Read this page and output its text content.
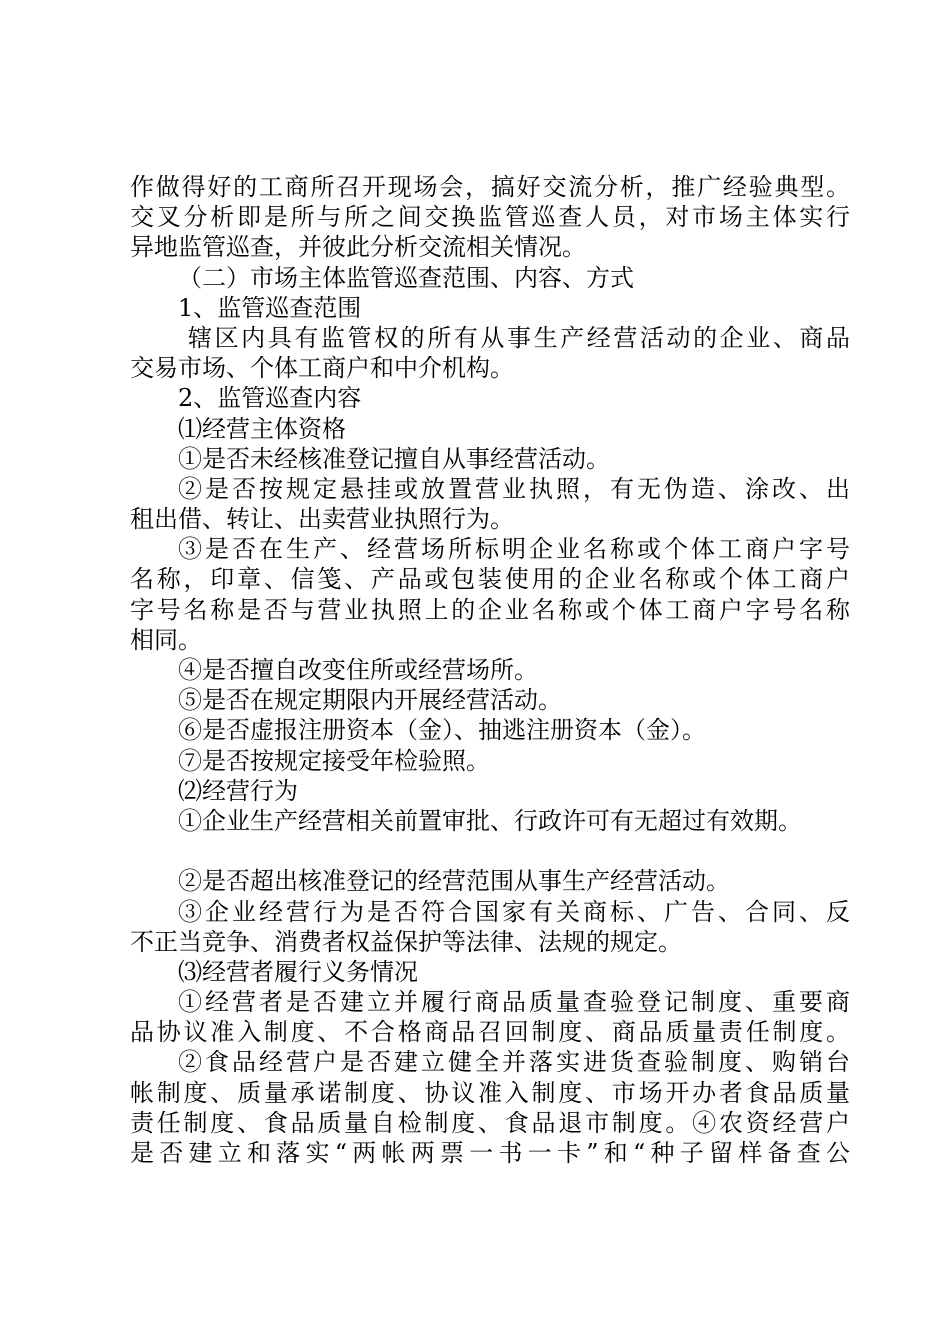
作做得好的工商所召开现场会，搞好交流分析，推广经验典型。
交叉分析即是所与所之间交换监管巡查人员，对市场主体实行
异地监管巡查，并彼此分析交流相关情况。
（二）市场主体监管巡查范围、内容、方式
1、监管巡查范围
辖区内具有监管权的所有从事生产经营活动的企业、商品
交易市场、个体工商户和中介机构。
2、监管巡查内容
⑴经营主体资格
①是否未经核准登记擅自从事经营活动。
②是否按规定悬挂或放置营业执照，有无伪造、涂改、出
租出借、转让、出卖营业执照行为。
③是否在生产、经营场所标明企业名称或个体工商户字号
名称，印章、信笺、产品或包装使用的企业名称或个体工商户
字号名称是否与营业执照上的企业名称或个体工商户字号名称
相同。
④是否擅自改变住所或经营场所。
⑤是否在规定期限内开展经营活动。
⑥是否虚报注册资本（金）、抽逃注册资本（金）。
⑦是否按规定接受年检验照。
⑵经营行为
①企业生产经营相关前置审批、行政许可有无超过有效期。
②是否超出核准登记的经营范围从事生产经营活动。
③企业经营行为是否符合国家有关商标、广告、合同、反
不正当竞争、消费者权益保护等法律、法规的规定。
⑶经营者履行义务情况
①经营者是否建立并履行商品质量查验登记制度、重要商
品协议准入制度、不合格商品召回制度、商品质量责任制度。
②食品经营户是否建立健全并落实进货查验制度、购销台
帐制度、质量承诺制度、协议准入制度、市场开办者食品质量
责任制度、食品质量自检制度、食品退市制度。④农资经营户
是否建立和落实“两帐两票一书一卡”和“种子留样备查公
